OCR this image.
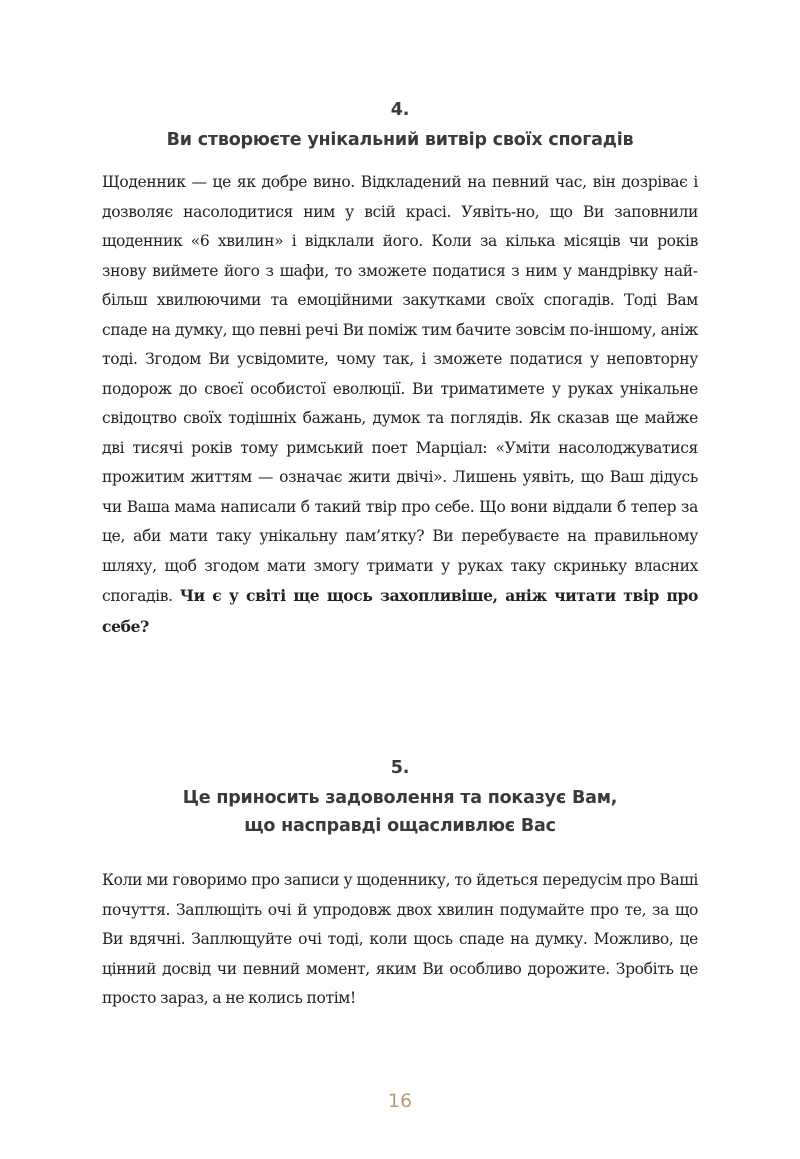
4.
Ви створюєте унікальний витвір своїх спогадів

Щоденник — це як добре вино. Відкладений на певний час, він дозріває і дозволяє насолодитися ним у всій красі. Уявіть-но, що Ви заповнили щоденник «6 хвилин» і відклали його. Коли за кілька місяців чи років знову виймете його з шафи, то зможете податися з ним у мандрівку найбільш хвилюючими та емоційними закутками своїх спогадів. Тоді Вам спаде на думку, що певні речі Ви поміж тим бачите зовсім по-іншому, аніж тоді. Згодом Ви усвідомите, чому так, і зможете податися у неповторну подорож до своєї особистої еволюції. Ви триматимете у руках унікальне свідоцтво своїх тодішніх бажань, думок та поглядів. Як сказав ще майже дві тисячі років тому римський поет Марціал: «Уміти насолоджуватися прожитим життям — означає жити двічі». Лишень уявіть, що Ваш дідусь чи Ваша мама написали б такий твір про себе. Що вони віддали б тепер за це, аби мати таку унікальну пам’ятку? Ви перебуваєте на правильному шляху, щоб згодом мати змогу тримати у руках таку скриньку власних спогадів. Чи є у світі ще щось захопливіше, аніж читати твір про себе?

5.
Це приносить задоволення та показує Вам,
що насправді ощасливлює Вас

Коли ми говоримо про записи у щоденнику, то йдеться передусім про Ваші почуття. Заплющіть очі й упродовж двох хвилин подумайте про те, за що Ви вдячні. Заплющуйте очі тоді, коли щось спаде на думку. Можливо, це цінний досвід чи певний момент, яким Ви особливо дорожите. Зробіть це просто зараз, а не колись потім!

16
